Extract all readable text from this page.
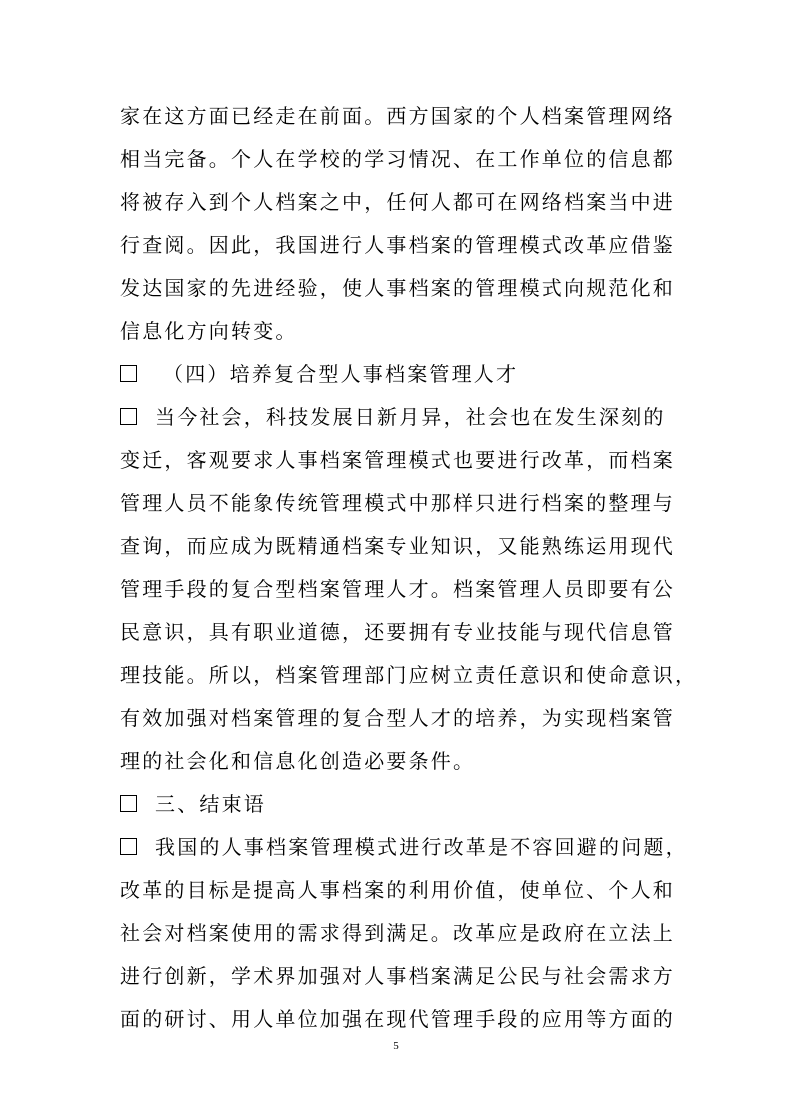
家在这方面已经走在前面。西方国家的个人档案管理网络
相当完备。个人在学校的学习情况、在工作单位的信息都
将被存入到个人档案之中，任何人都可在网络档案当中进
行查阅。因此，我国进行人事档案的管理模式改革应借鉴
发达国家的先进经验，使人事档案的管理模式向规范化和
信息化方向转变。
（四）培养复合型人事档案管理人才
当今社会，科技发展日新月异，社会也在发生深刻的
变迁，客观要求人事档案管理模式也要进行改革，而档案
管理人员不能象传统管理模式中那样只进行档案的整理与
查询，而应成为既精通档案专业知识，又能熟练运用现代
管理手段的复合型档案管理人才。档案管理人员即要有公
民意识，具有职业道德，还要拥有专业技能与现代信息管
理技能。所以，档案管理部门应树立责任意识和使命意识，
有效加强对档案管理的复合型人才的培养，为实现档案管
理的社会化和信息化创造必要条件。
三、结束语
我国的人事档案管理模式进行改革是不容回避的问题，
改革的目标是提高人事档案的利用价值，使单位、个人和
社会对档案使用的需求得到满足。改革应是政府在立法上
进行创新，学术界加强对人事档案满足公民与社会需求方
面的研讨、用人单位加强在现代管理手段的应用等方面的
5
